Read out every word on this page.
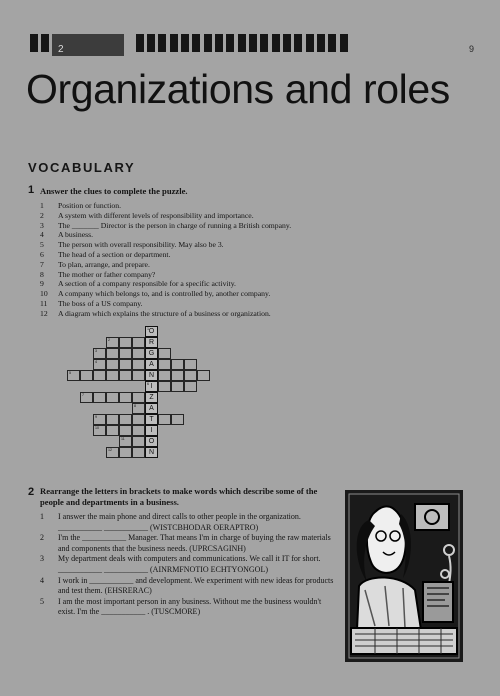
2	9
Organizations and roles
VOCABULARY
1 Answer the clues to complete the puzzle.
1	Position or function.
2	A system with different levels of responsibility and importance.
3	The _______ Director is the person in charge of running a British company.
4	A business.
5	The person with overall responsibility. May also be 3.
6	The head of a section or department.
7	To plan, arrange, and prepare.
8	The mother or father company?
9	A section of a company responsible for a specific activity.
10	A company which belongs to, and is controlled by, another company.
11	The boss of a US company.
12	A diagram which explains the structure of a business or organization.
1 O
2	R
3	G
4	A
5	N
6 I
7	Z
8	A
9	T
10	I
11	O
12	N
2 Rearrange the letters in brackets to make words which describe some of the people and departments in a business.
1	I answer the main phone and direct calls to other people in the organization. ___________ ___________ (WISTCBHODAR OERAPTRO)
2	I'm the ___________ Manager. That means I'm in charge of buying the raw materials and components that the business needs. (UPRCSAGINH)
3	My department deals with computers and communications. We call it IT for short. ___________ ___________ (AINRMFNOTIO ECHTYONGOL)
4	I work in ___________ and development. We experiment with new ideas for products and test them. (EHSRERAC)
5	I am the most important person in any business. Without me the business wouldn't exist. I'm the ___________ . (TUSCMORE)
